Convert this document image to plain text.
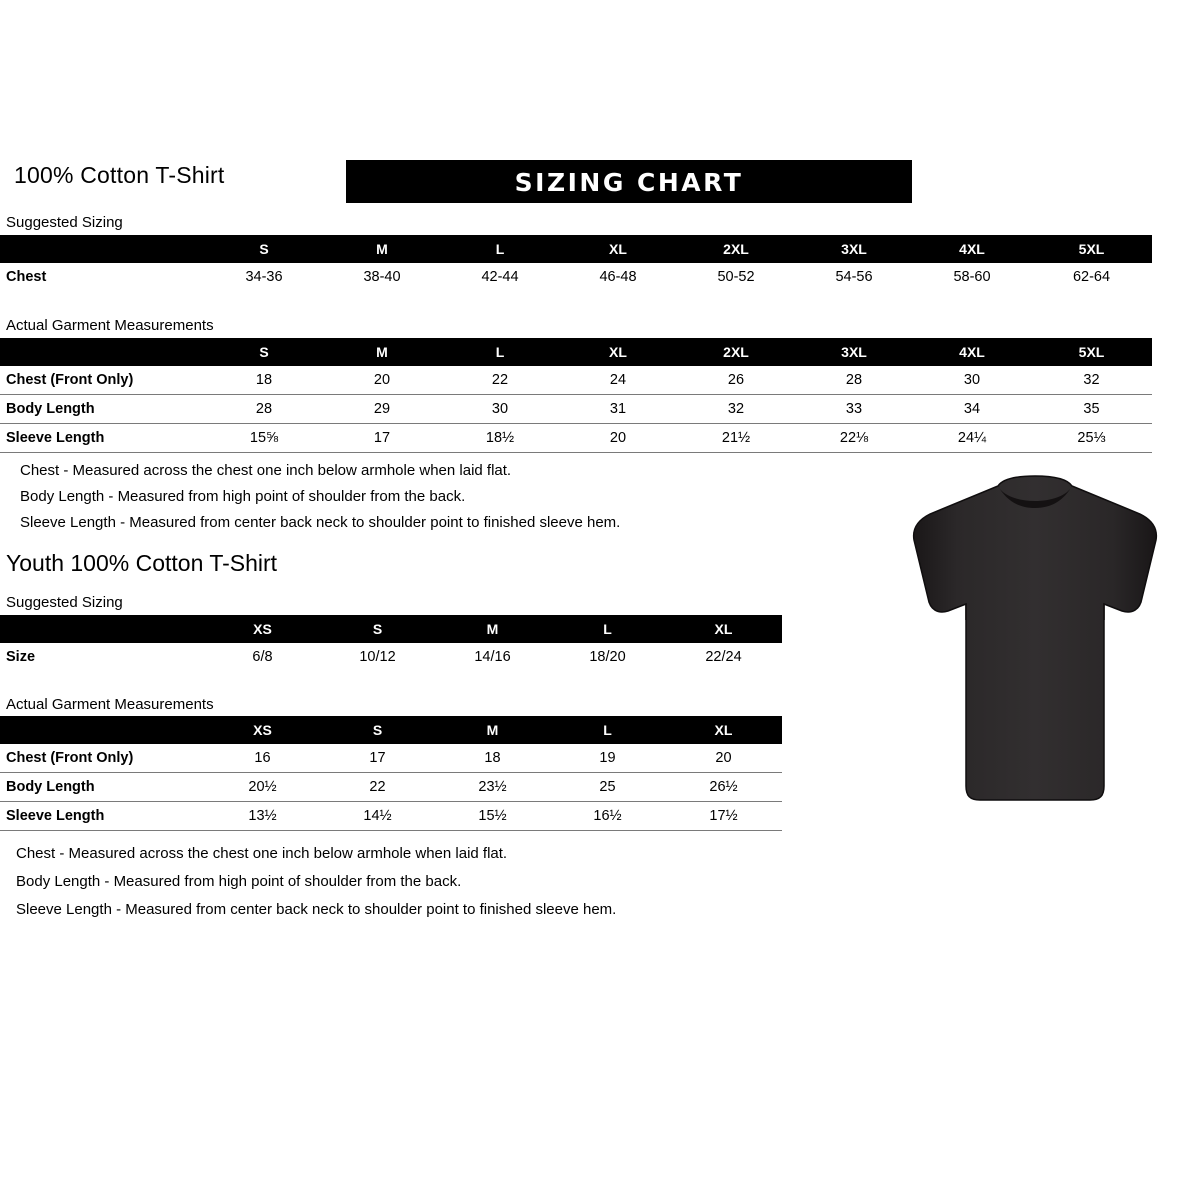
100% Cotton T-Shirt	SIZING CHART
Suggested Sizing
	S	M	L	XL	2XL	3XL	4XL	5XL
Chest	34-36	38-40	42-44	46-48	50-52	54-56	58-60	62-64
Actual Garment Measurements
	S	M	L	XL	2XL	3XL	4XL	5XL
Chest (Front Only)	18	20	22	24	26	28	30	32
Body Length	28	29	30	31	32	33	34	35
Sleeve Length	15⅝	17	18½	20	21½	22⅛	24¼	25⅓
Chest - Measured across the chest one inch below armhole when laid flat.
Body Length - Measured from high point of shoulder from the back.
Sleeve Length - Measured from center back neck to shoulder point to finished sleeve hem.
Youth 100% Cotton T-Shirt
Suggested Sizing
	XS	S	M	L	XL
Size	6/8	10/12	14/16	18/20	22/24
Actual Garment Measurements
	XS	S	M	L	XL
Chest (Front Only)	16	17	18	19	20
Body Length	20½	22	23½	25	26½
Sleeve Length	13½	14½	15½	16½	17½
Chest - Measured across the chest one inch below armhole when laid flat.
Body Length - Measured from high point of shoulder from the back.
Sleeve Length - Measured from center back neck to shoulder point to finished sleeve hem.
